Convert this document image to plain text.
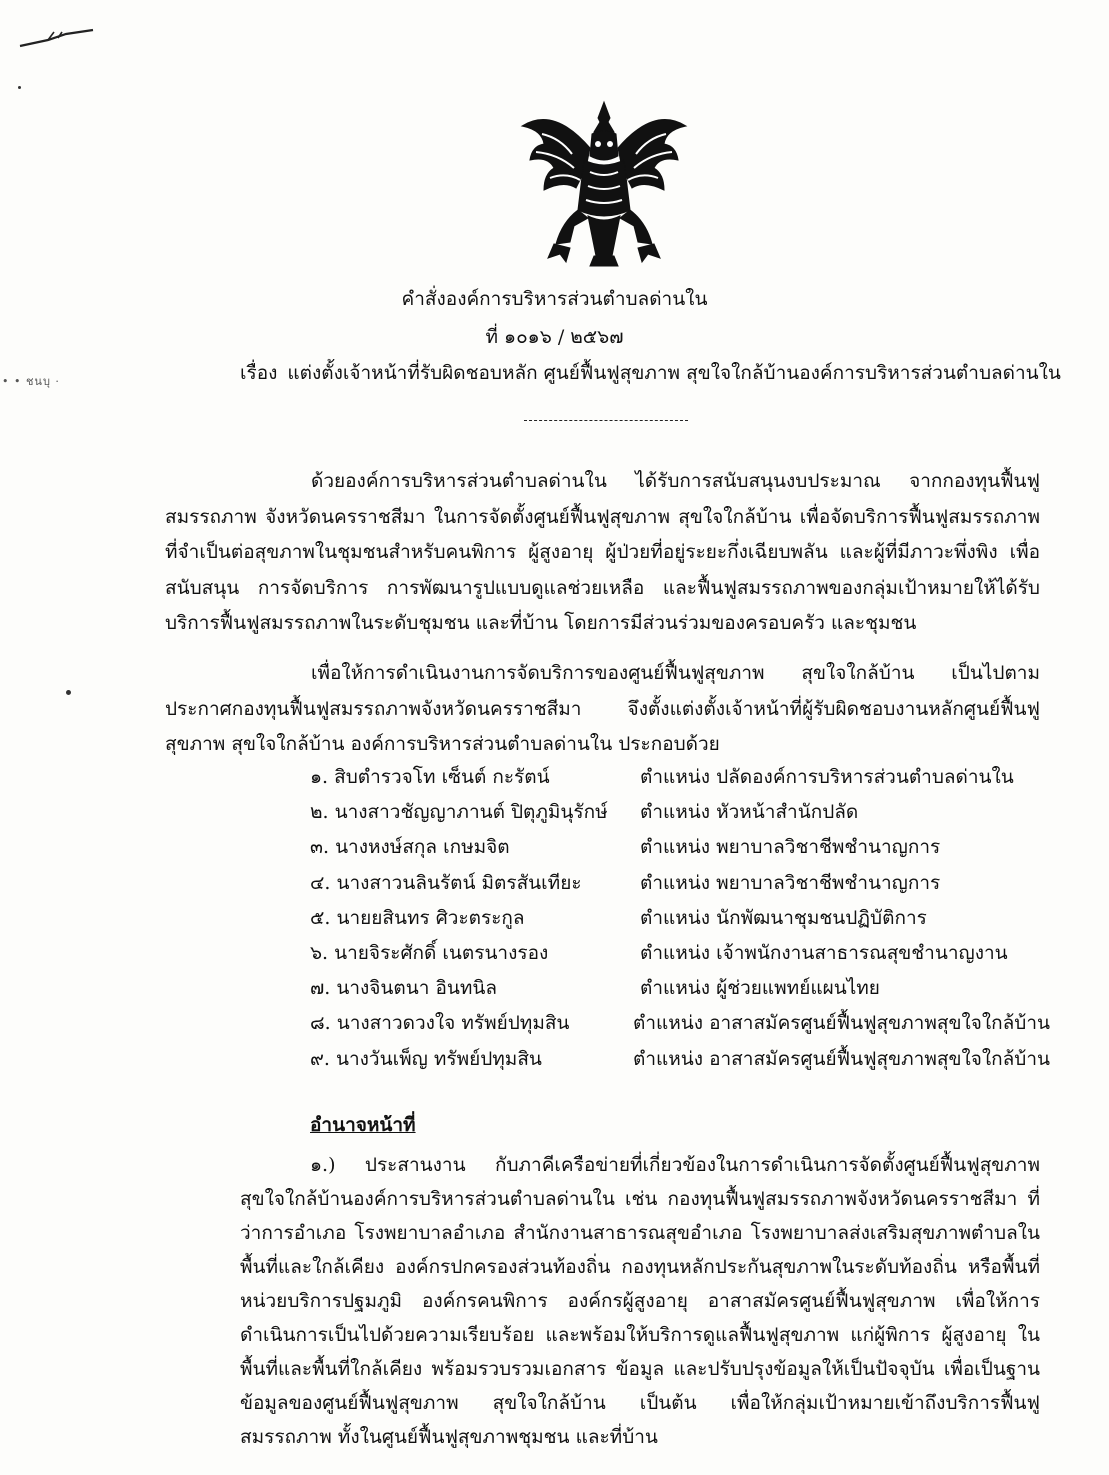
• • ชนบุ ·
คำสั่งองค์การบริหารส่วนตำบลด่านใน
ที่ ๑๐๑๖ / ๒๕๖๗
เรื่อง แต่งตั้งเจ้าหน้าที่รับผิดชอบหลัก ศูนย์ฟื้นฟูสุขภาพ สุขใจใกล้บ้านองค์การบริหารส่วนตำบลด่านใน
ด้วยองค์การบริหารส่วนตำบลด่านใน ได้รับการสนับสนุนงบประมาณ จากกองทุนฟื้นฟูสมรรถภาพ จังหวัดนครราชสีมา ในการจัดตั้งศูนย์ฟื้นฟูสุขภาพ สุขใจใกล้บ้าน เพื่อจัดบริการฟื้นฟูสมรรถภาพที่จำเป็นต่อสุขภาพในชุมชนสำหรับคนพิการ ผู้สูงอายุ ผู้ป่วยที่อยู่ระยะกึ่งเฉียบพลัน และผู้ที่มีภาวะพึ่งพิง เพื่อสนับสนุน การจัดบริการ การพัฒนารูปแบบดูแลช่วยเหลือ และฟื้นฟูสมรรถภาพของกลุ่มเป้าหมายให้ได้รับบริการฟื้นฟูสมรรถภาพในระดับชุมชน และที่บ้าน โดยการมีส่วนร่วมของครอบครัว และชุมชน
เพื่อให้การดำเนินงานการจัดบริการของศูนย์ฟื้นฟูสุขภาพ สุขใจใกล้บ้าน เป็นไปตามประกาศกองทุนฟื้นฟูสมรรถภาพจังหวัดนครราชสีมา จึงตั้งแต่งตั้งเจ้าหน้าที่ผู้รับผิดชอบงานหลักศูนย์ฟื้นฟูสุขภาพ สุขใจใกล้บ้าน องค์การบริหารส่วนตำบลด่านใน ประกอบด้วย
๑. สิบตำรวจโท เซ็นต์ กะรัตน์	ตำแหน่ง ปลัดองค์การบริหารส่วนตำบลด่านใน
๒. นางสาวชัญญาภานต์ ปิตุภูมินุรักษ์	ตำแหน่ง หัวหน้าสำนักปลัด
๓. นางหงษ์สกุล เกษมจิต	ตำแหน่ง พยาบาลวิชาชีพชำนาญการ
๔. นางสาวนลินรัตน์ มิตรสันเทียะ	ตำแหน่ง พยาบาลวิชาชีพชำนาญการ
๕. นายยสินทร ศิวะตระกูล	ตำแหน่ง นักพัฒนาชุมชนปฏิบัติการ
๖. นายจิระศักดิ์ เนตรนางรอง	ตำแหน่ง เจ้าพนักงานสาธารณสุขชำนาญงาน
๗. นางจินตนา อินทนิล	ตำแหน่ง ผู้ช่วยแพทย์แผนไทย
๘. นางสาวดวงใจ ทรัพย์ปทุมสิน	ตำแหน่ง อาสาสมัครศูนย์ฟื้นฟูสุขภาพสุขใจใกล้บ้าน
๙. นางวันเพ็ญ ทรัพย์ปทุมสิน	ตำแหน่ง อาสาสมัครศูนย์ฟื้นฟูสุขภาพสุขใจใกล้บ้าน
อำนาจหน้าที่
๑.) ประสานงาน กับภาคีเครือข่ายที่เกี่ยวข้องในการดำเนินการจัดตั้งศูนย์ฟื้นฟูสุขภาพ สุขใจใกล้บ้านองค์การบริหารส่วนตำบลด่านใน เช่น กองทุนฟื้นฟูสมรรถภาพจังหวัดนครราชสีมา ที่ว่าการอำเภอ โรงพยาบาลอำเภอ สำนักงานสาธารณสุขอำเภอ โรงพยาบาลส่งเสริมสุขภาพตำบลในพื้นที่และใกล้เคียง องค์กรปกครองส่วนท้องถิ่น กองทุนหลักประกันสุขภาพในระดับท้องถิ่น หรือพื้นที่ หน่วยบริการปฐมภูมิ องค์กรคนพิการ องค์กรผู้สูงอายุ อาสาสมัครศูนย์ฟื้นฟูสุขภาพ เพื่อให้การดำเนินการเป็นไปด้วยความเรียบร้อย และพร้อมให้บริการดูแลฟื้นฟูสุขภาพ แก่ผู้พิการ ผู้สูงอายุ ในพื้นที่และพื้นที่ใกล้เคียง พร้อมรวบรวมเอกสาร ข้อมูล และปรับปรุงข้อมูลให้เป็นปัจจุบัน เพื่อเป็นฐานข้อมูลของศูนย์ฟื้นฟูสุขภาพ สุขใจใกล้บ้าน เป็นต้น เพื่อให้กลุ่มเป้าหมายเข้าถึงบริการฟื้นฟูสมรรถภาพ ทั้งในศูนย์ฟื้นฟูสุขภาพชุมชน และที่บ้าน
